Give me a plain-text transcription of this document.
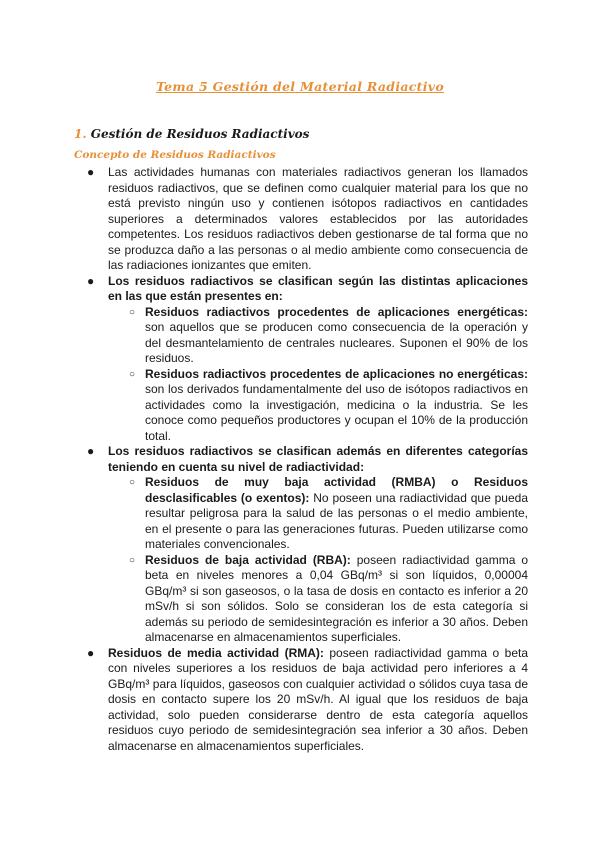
Tema 5 Gestión del Material Radiactivo
1. Gestión de Residuos Radiactivos
Concepto de Residuos Radiactivos
● Las actividades humanas con materiales radiactivos generan los llamados residuos radiactivos, que se definen como cualquier material para los que no está previsto ningún uso y contienen isótopos radiactivos en cantidades superiores a determinados valores establecidos por las autoridades competentes. Los residuos radiactivos deben gestionarse de tal forma que no se produzca daño a las personas o al medio ambiente como consecuencia de las radiaciones ionizantes que emiten.
● Los residuos radiactivos se clasifican según las distintas aplicaciones en las que están presentes en:
○ Residuos radiactivos procedentes de aplicaciones energéticas: son aquellos que se producen como consecuencia de la operación y del desmantelamiento de centrales nucleares. Suponen el 90% de los residuos.
○ Residuos radiactivos procedentes de aplicaciones no energéticas: son los derivados fundamentalmente del uso de isótopos radiactivos en actividades como la investigación, medicina o la industria. Se les conoce como pequeños productores y ocupan el 10% de la producción total.
● Los residuos radiactivos se clasifican además en diferentes categorías teniendo en cuenta su nivel de radiactividad:
○ Residuos de muy baja actividad (RMBA) o Residuos desclasificables (o exentos): No poseen una radiactividad que pueda resultar peligrosa para la salud de las personas o el medio ambiente, en el presente o para las generaciones futuras. Pueden utilizarse como materiales convencionales.
○ Residuos de baja actividad (RBA): poseen radiactividad gamma o beta en niveles menores a 0,04 GBq/m³ si son líquidos, 0,00004 GBq/m³ si son gaseosos, o la tasa de dosis en contacto es inferior a 20 mSv/h si son sólidos. Solo se consideran los de esta categoría si además su periodo de semidesintegración es inferior a 30 años. Deben almacenarse en almacenamientos superficiales.
● Residuos de media actividad (RMA): poseen radiactividad gamma o beta con niveles superiores a los residuos de baja actividad pero inferiores a 4 GBq/m³ para líquidos, gaseosos con cualquier actividad o sólidos cuya tasa de dosis en contacto supere los 20 mSv/h. Al igual que los residuos de baja actividad, solo pueden considerarse dentro de esta categoría aquellos residuos cuyo periodo de semidesintegración sea inferior a 30 años. Deben almacenarse en almacenamientos superficiales.
